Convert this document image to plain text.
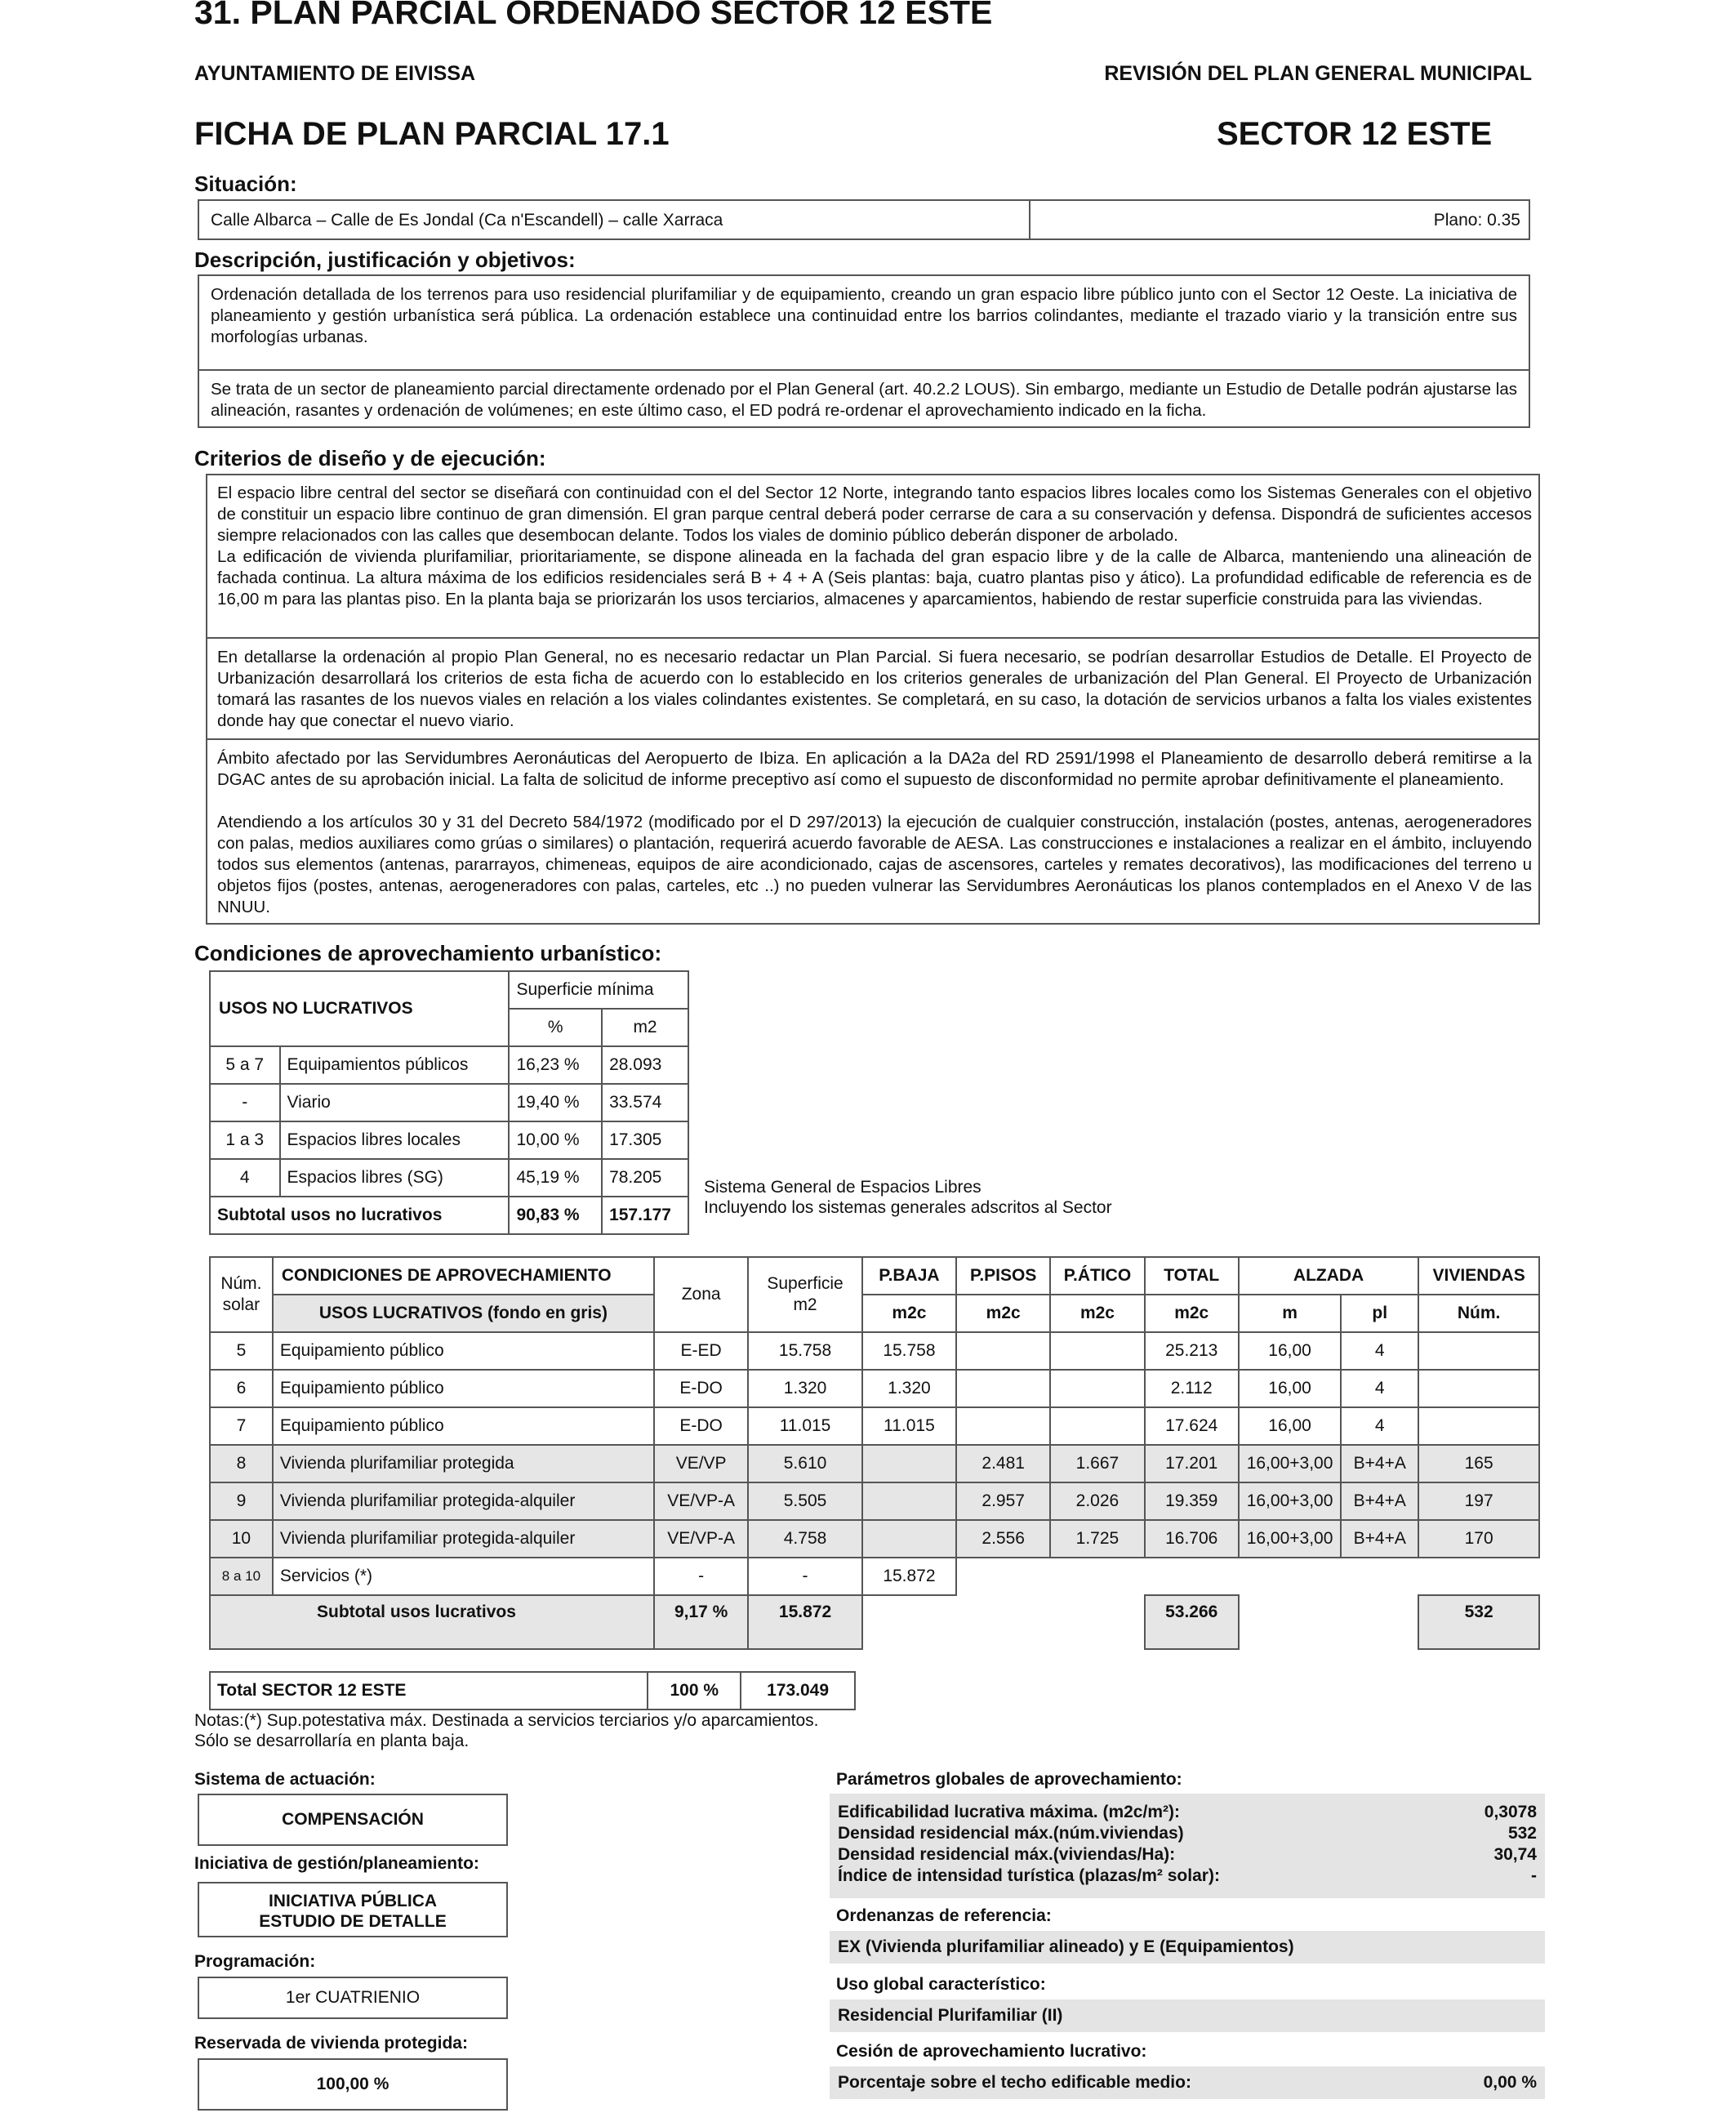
31. PLAN PARCIAL ORDENADO SECTOR 12 ESTE
AYUNTAMIENTO DE EIVISSA	REVISIÓN DEL PLAN GENERAL MUNICIPAL
FICHA DE PLAN PARCIAL 17.1	SECTOR 12 ESTE
Situación:
Calle Albarca – Calle de Es Jondal (Ca n'Escandell) – calle Xarraca	Plano: 0.35
Descripción, justificación y objetivos:
Ordenación detallada de los terrenos para uso residencial plurifamiliar y de equipamiento, creando un gran espacio libre público junto con el Sector 12 Oeste. La iniciativa de planeamiento y gestión urbanística será pública. La ordenación establece una continuidad entre los barrios colindantes, mediante el trazado viario y la transición entre sus morfologías urbanas.
Se trata de un sector de planeamiento parcial directamente ordenado por el Plan General (art. 40.2.2 LOUS). Sin embargo, mediante un Estudio de Detalle podrán ajustarse las alineación, rasantes y ordenación de volúmenes; en este último caso, el ED podrá re-ordenar el aprovechamiento indicado en la ficha.
Criterios de diseño y de ejecución:
El espacio libre central del sector se diseñará con continuidad con el del Sector 12 Norte, integrando tanto espacios libres locales como los Sistemas Generales con el objetivo de constituir un espacio libre continuo de gran dimensión. El gran parque central deberá poder cerrarse de cara a su conservación y defensa. Dispondrá de suficientes accesos siempre relacionados con las calles que desembocan delante. Todos los viales de dominio público deberán disponer de arbolado.
La edificación de vivienda plurifamiliar, prioritariamente, se dispone alineada en la fachada del gran espacio libre y de la calle de Albarca, manteniendo una alineación de fachada continua. La altura máxima de los edificios residenciales será B + 4 + A (Seis plantas: baja, cuatro plantas piso y ático). La profundidad edificable de referencia es de 16,00 m para las plantas piso. En la planta baja se priorizarán los usos terciarios, almacenes y aparcamientos, habiendo de restar superficie construida para las viviendas.
En detallarse la ordenación al propio Plan General, no es necesario redactar un Plan Parcial. Si fuera necesario, se podrían desarrollar Estudios de Detalle. El Proyecto de Urbanización desarrollará los criterios de esta ficha de acuerdo con lo establecido en los criterios generales de urbanización del Plan General. El Proyecto de Urbanización tomará las rasantes de los nuevos viales en relación a los viales colindantes existentes. Se completará, en su caso, la dotación de servicios urbanos a falta los viales existentes donde hay que conectar el nuevo viario.
Ámbito afectado por las Servidumbres Aeronáuticas del Aeropuerto de Ibiza. En aplicación a la DA2a del RD 2591/1998 el Planeamiento de desarrollo deberá remitirse a la DGAC antes de su aprobación inicial. La falta de solicitud de informe preceptivo así como el supuesto de disconformidad no permite aprobar definitivamente el planeamiento.
Atendiendo a los artículos 30 y 31 del Decreto 584/1972 (modificado por el D 297/2013) la ejecución de cualquier construcción, instalación (postes, antenas, aerogeneradores con palas, medios auxiliares como grúas o similares) o plantación, requerirá acuerdo favorable de AESA. Las construcciones e instalaciones a realizar en el ámbito, incluyendo todos sus elementos (antenas, pararrayos, chimeneas, equipos de aire acondicionado, cajas de ascensores, carteles y remates decorativos), las modificaciones del terreno u objetos fijos (postes, antenas, aerogeneradores con palas, carteles, etc ..) no pueden vulnerar las Servidumbres Aeronáuticas los planos contemplados en el Anexo V de las NNUU.
Condiciones de aprovechamiento urbanístico:
USOS NO LUCRATIVOS		Superficie mínima	
		%	m2
5 a 7	Equipamientos públicos	16,23 %	28.093
-	Viario	19,40 %	33.574
1 a 3	Espacios libres locales	10,00 %	17.305
4	Espacios libres (SG)	45,19 %	78.205
Subtotal usos no lucrativos		90,83 %	157.177
Sistema General de Espacios Libres
Incluyendo los sistemas generales adscritos al Sector
Núm. solar	CONDICIONES DE APROVECHAMIENTO	Zona	Superficie m2	P.BAJA	P.PISOS	P.ÁTICO	TOTAL	ALZADA		VIVIENDAS
	USOS LUCRATIVOS (fondo en gris)			m2c	m2c	m2c	m2c	m	pl	Núm.
5	Equipamiento público	E-ED	15.758	15.758			25.213	16,00	4	
6	Equipamiento público	E-DO	1.320	1.320			2.112	16,00	4	
7	Equipamiento público	E-DO	11.015	11.015			17.624	16,00	4	
8	Vivienda plurifamiliar protegida	VE/VP	5.610		2.481	1.667	17.201	16,00+3,00	B+4+A	165
9	Vivienda plurifamiliar protegida-alquiler	VE/VP-A	5.505		2.957	2.026	19.359	16,00+3,00	B+4+A	197
10	Vivienda plurifamiliar protegida-alquiler	VE/VP-A	4.758		2.556	1.725	16.706	16,00+3,00	B+4+A	170
8 a 10	Servicios (*)	-	-	15.872						
Subtotal usos lucrativos		9,17 %	15.872				53.266			532
Total SECTOR 12 ESTE	100 %	173.049
Notas:(*) Sup.potestativa máx. Destinada a servicios terciarios y/o aparcamientos.
Sólo se desarrollaría en planta baja.
Sistema de actuación:
COMPENSACIÓN
Iniciativa de gestión/planeamiento:
INICIATIVA PÚBLICA
ESTUDIO DE DETALLE
Programación:
1er CUATRIENIO
Reservada de vivienda protegida:
100,00 %
Parámetros globales de aprovechamiento:
Edificabilidad lucrativa máxima. (m2c/m²):	0,3078
Densidad residencial máx.(núm.viviendas)	532
Densidad residencial máx.(viviendas/Ha):	30,74
Índice de intensidad turística (plazas/m² solar):	-
Ordenanzas de referencia:
EX (Vivienda plurifamiliar alineado) y E (Equipamientos)
Uso global característico:
Residencial Plurifamiliar (II)
Cesión de aprovechamiento lucrativo:
Porcentaje sobre el techo edificable medio:	0,00 %
